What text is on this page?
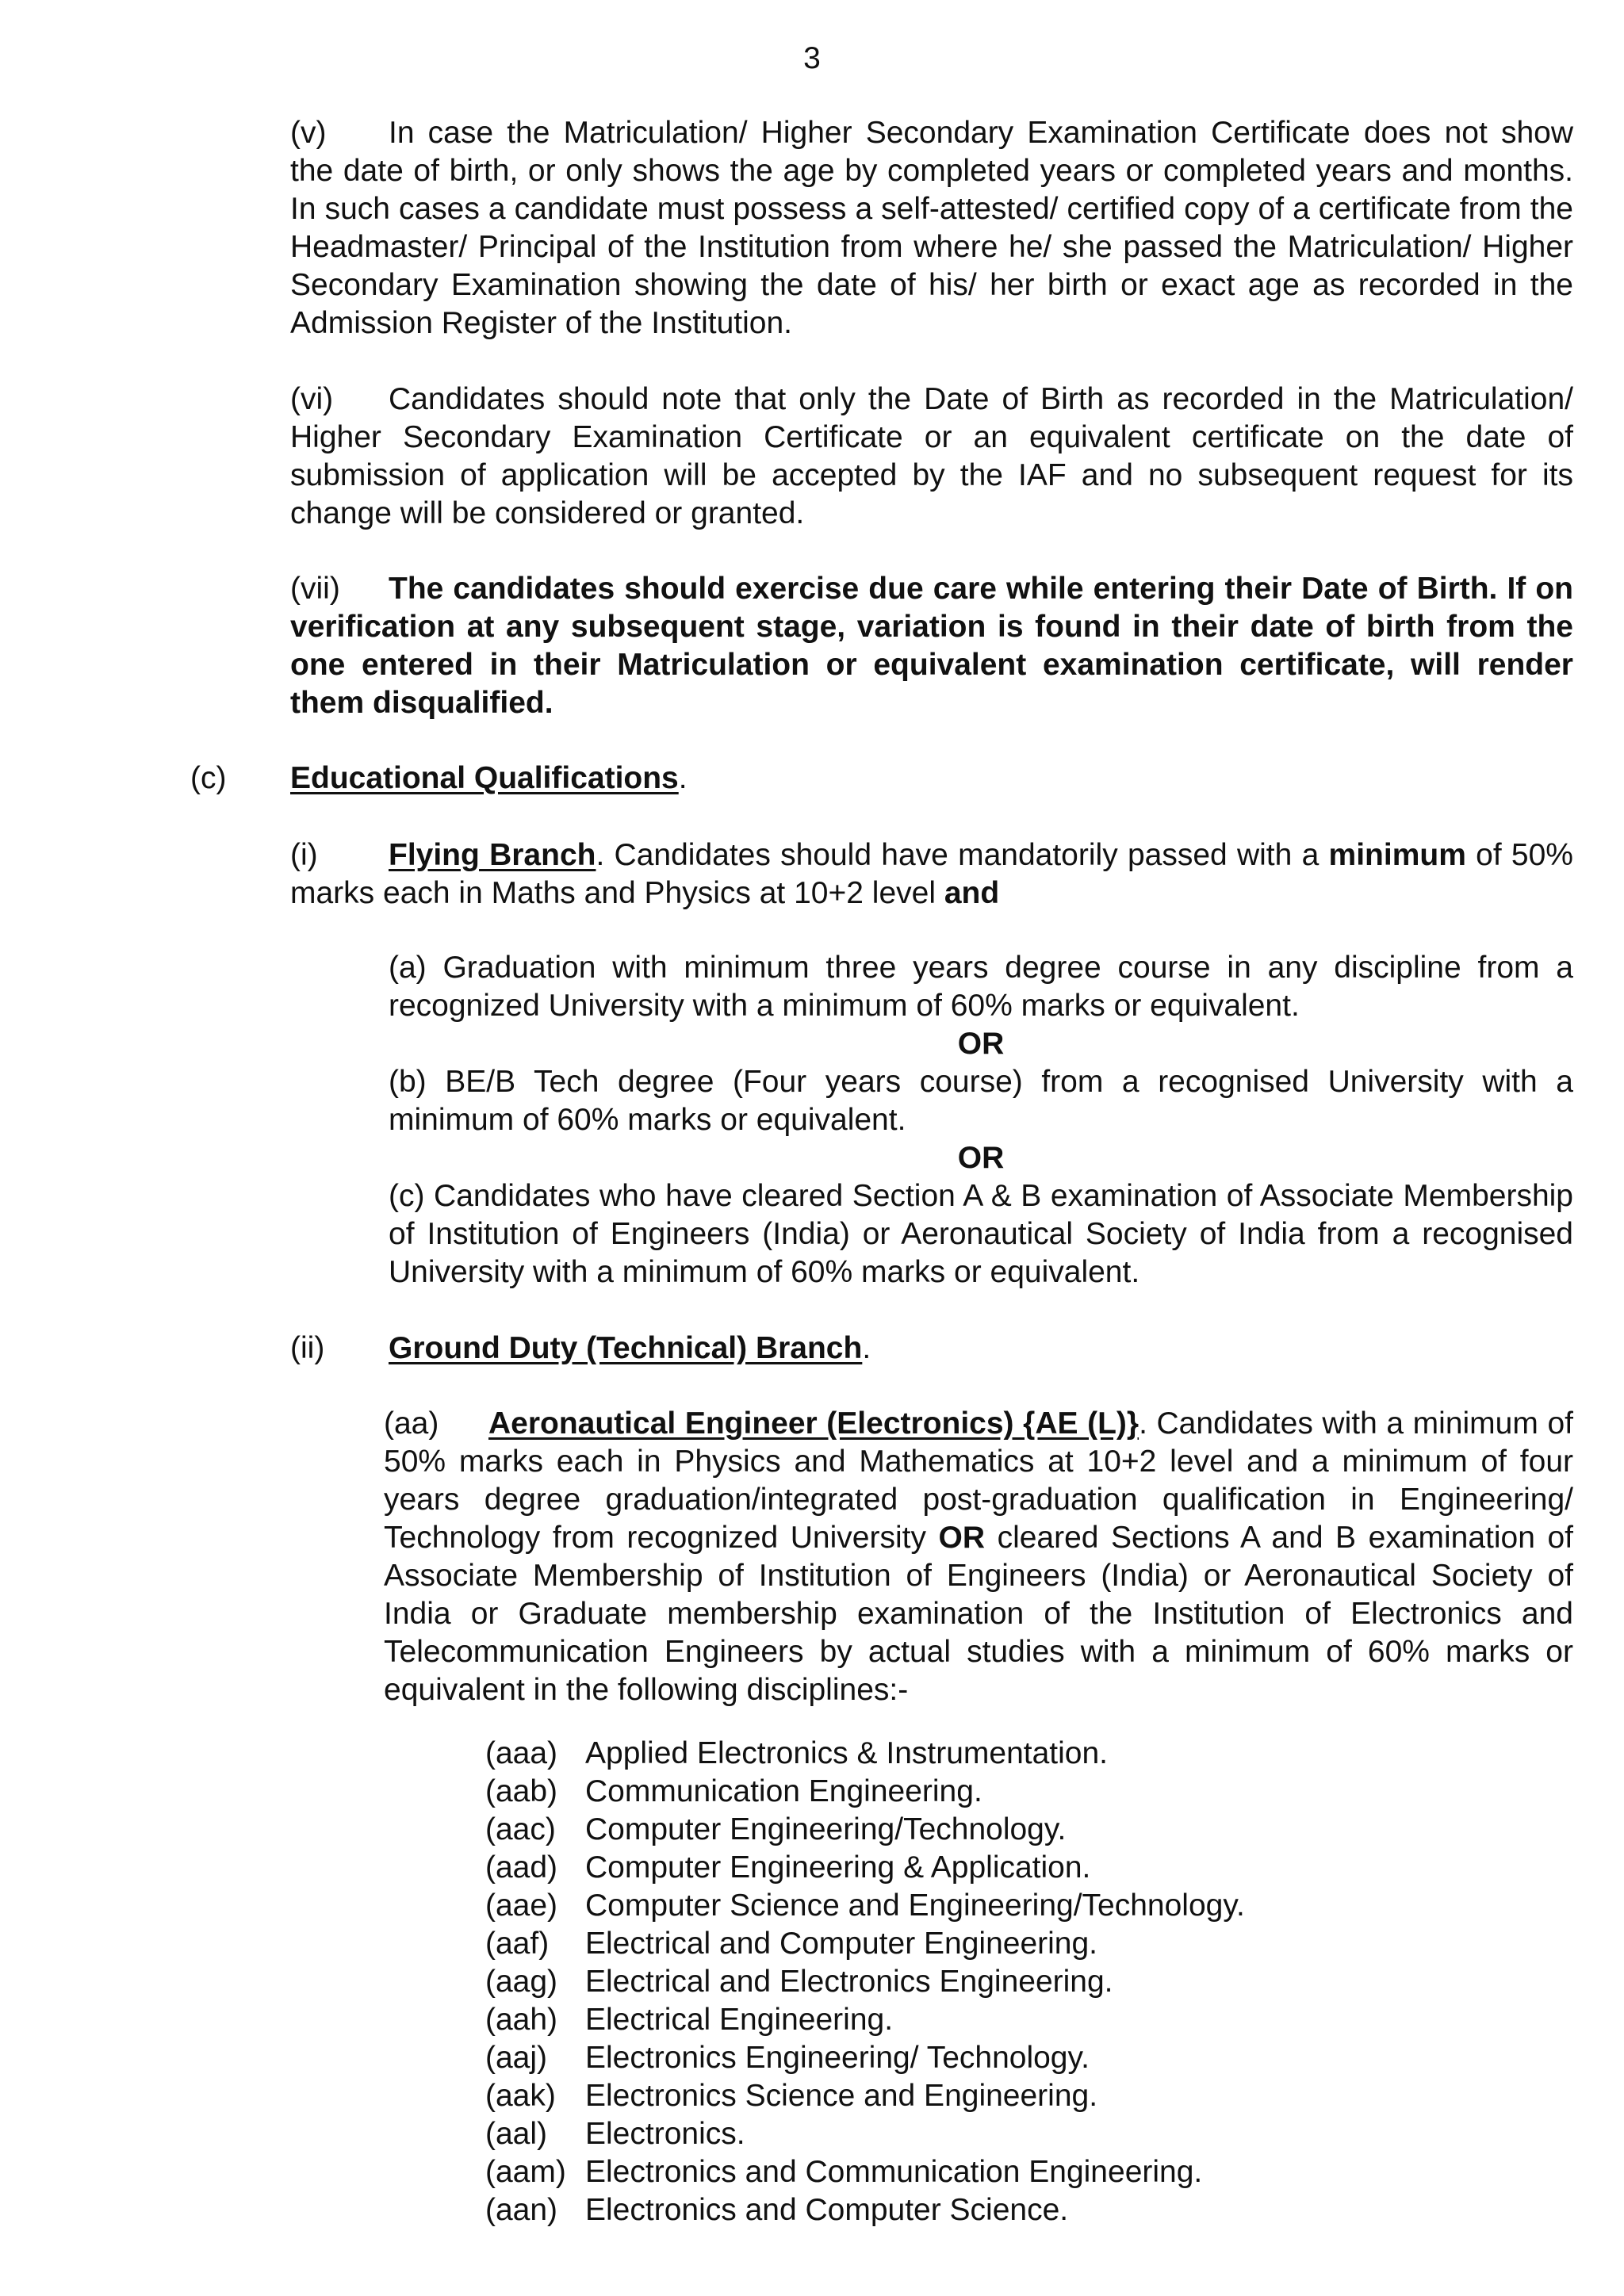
3
(v) In case the Matriculation/ Higher Secondary Examination Certificate does not show the date of birth, or only shows the age by completed years or completed years and months. In such cases a candidate must possess a self-attested/ certified copy of a certificate from the Headmaster/ Principal of the Institution from where he/ she passed the Matriculation/ Higher Secondary Examination showing the date of his/ her birth or exact age as recorded in the Admission Register of the Institution.
(vi) Candidates should note that only the Date of Birth as recorded in the Matriculation/ Higher Secondary Examination Certificate or an equivalent certificate on the date of submission of application will be accepted by the IAF and no subsequent request for its change will be considered or granted.
(vii) The candidates should exercise due care while entering their Date of Birth. If on verification at any subsequent stage, variation is found in their date of birth from the one entered in their Matriculation or equivalent examination certificate, will render them disqualified.
(c) Educational Qualifications.
(i) Flying Branch. Candidates should have mandatorily passed with a minimum of 50% marks each in Maths and Physics at 10+2 level and
(a) Graduation with minimum three years degree course in any discipline from a recognized University with a minimum of 60% marks or equivalent.
OR
(b) BE/B Tech degree (Four years course) from a recognised University with a minimum of 60% marks or equivalent.
OR
(c) Candidates who have cleared Section A & B examination of Associate Membership of Institution of Engineers (India) or Aeronautical Society of India from a recognised University with a minimum of 60% marks or equivalent.
(ii) Ground Duty (Technical) Branch.
(aa) Aeronautical Engineer (Electronics) {AE (L)}. Candidates with a minimum of 50% marks each in Physics and Mathematics at 10+2 level and a minimum of four years degree graduation/integrated post-graduation qualification in Engineering/ Technology from recognized University OR cleared Sections A and B examination of Associate Membership of Institution of Engineers (India) or Aeronautical Society of India or Graduate membership examination of the Institution of Electronics and Telecommunication Engineers by actual studies with a minimum of 60% marks or equivalent in the following disciplines:-
(aaa) Applied Electronics & Instrumentation.
(aab) Communication Engineering.
(aac) Computer Engineering/Technology.
(aad) Computer Engineering & Application.
(aae) Computer Science and Engineering/Technology.
(aaf) Electrical and Computer Engineering.
(aag) Electrical and Electronics Engineering.
(aah) Electrical Engineering.
(aaj) Electronics Engineering/ Technology.
(aak) Electronics Science and Engineering.
(aal) Electronics.
(aam) Electronics and Communication Engineering.
(aan) Electronics and Computer Science.
